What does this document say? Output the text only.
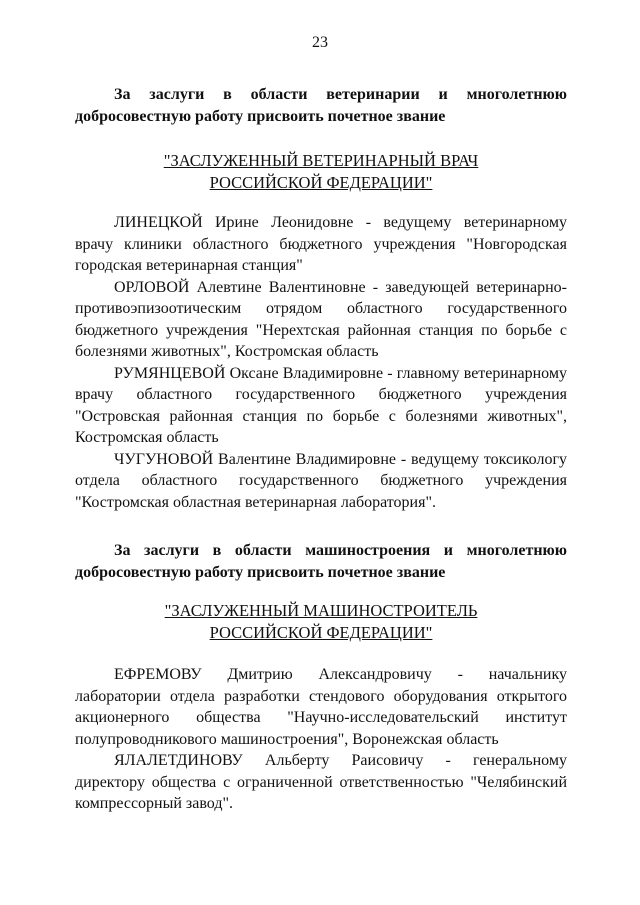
23

За заслуги в области ветеринарии и многолетнюю добросовестную работу присвоить почетное звание

"ЗАСЛУЖЕННЫЙ ВЕТЕРИНАРНЫЙ ВРАЧ
РОССИЙСКОЙ ФЕДЕРАЦИИ"

ЛИНЕЦКОЙ Ирине Леонидовне - ведущему ветеринарному врачу клиники областного бюджетного учреждения "Новгородская городская ветеринарная станция"

ОРЛОВОЙ Алевтине Валентиновне - заведующей ветеринарно-противоэпизоотическим отрядом областного государственного бюджетного учреждения "Нерехтская районная станция по борьбе с болезнями животных", Костромская область

РУМЯНЦЕВОЙ Оксане Владимировне - главному ветеринарному врачу областного государственного бюджетного учреждения "Островская районная станция по борьбе с болезнями животных", Костромская область

ЧУГУНОВОЙ Валентине Владимировне - ведущему токсикологу отдела областного государственного бюджетного учреждения "Костромская областная ветеринарная лаборатория".

За заслуги в области машиностроения и многолетнюю добросовестную работу присвоить почетное звание

"ЗАСЛУЖЕННЫЙ МАШИНОСТРОИТЕЛЬ
РОССИЙСКОЙ ФЕДЕРАЦИИ"

ЕФРЕМОВУ Дмитрию Александровичу - начальнику лаборатории отдела разработки стендового оборудования открытого акционерного общества "Научно-исследовательский институт полупроводникового машиностроения", Воронежская область

ЯЛАЛЕТДИНОВУ Альберту Раисовичу - генеральному директору общества с ограниченной ответственностью "Челябинский компрессорный завод".
